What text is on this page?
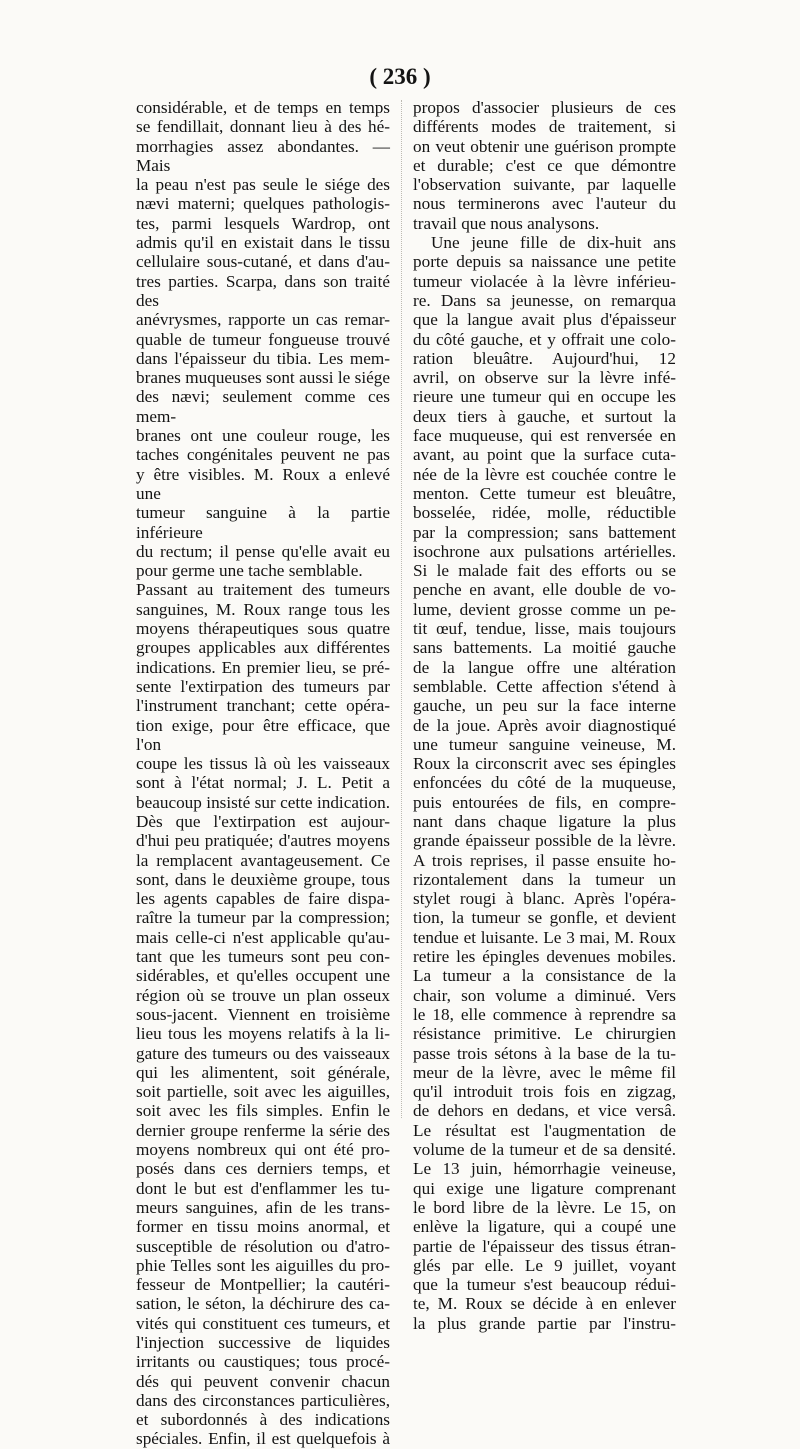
( 236 )

considérable, et de temps en temps

se fendillait, donnant lieu à des hé-

morrhagies assez abondantes. — Mais

la peau n'est pas seule le siége des

nævi materni; quelques pathologis-

tes, parmi lesquels Wardrop, ont

admis qu'il en existait dans le tissu

cellulaire sous-cutané, et dans d'au-

tres parties. Scarpa, dans son traité des

anévrysmes, rapporte un cas remar-

quable de tumeur fongueuse trouvé

dans l'épaisseur du tibia. Les mem-

branes muqueuses sont aussi le siége

des nævi; seulement comme ces mem-

branes ont une couleur rouge, les

taches congénitales peuvent ne pas

y être visibles. M. Roux a enlevé une

tumeur sanguine à la partie inférieure

du rectum; il pense qu'elle avait eu

pour germe une tache semblable.

Passant au traitement des tumeurs

sanguines, M. Roux range tous les

moyens thérapeutiques sous quatre

groupes applicables aux différentes

indications. En premier lieu, se pré-

sente l'extirpation des tumeurs par

l'instrument tranchant; cette opéra-

tion exige, pour être efficace, que l'on

coupe les tissus là où les vaisseaux

sont à l'état normal; J. L. Petit a

beaucoup insisté sur cette indication.

Dès que l'extirpation est aujour-

d'hui peu pratiquée; d'autres moyens

la remplacent avantageusement. Ce

sont, dans le deuxième groupe, tous

les agents capables de faire dispa-

raître la tumeur par la compression;

mais celle-ci n'est applicable qu'au-

tant que les tumeurs sont peu con-

sidérables, et qu'elles occupent une

région où se trouve un plan osseux

sous-jacent. Viennent en troisième

lieu tous les moyens relatifs à la li-

gature des tumeurs ou des vaisseaux

qui les alimentent, soit générale,

soit partielle, soit avec les aiguilles,

soit avec les fils simples. Enfin le

dernier groupe renferme la série des

moyens nombreux qui ont été pro-

posés dans ces derniers temps, et

dont le but est d'enflammer les tu-

meurs sanguines, afin de les trans-

former en tissu moins anormal, et

susceptible de résolution ou d'atro-

phie Telles sont les aiguilles du pro-

fesseur de Montpellier; la cautéri-

sation, le séton, la déchirure des ca-

vités qui constituent ces tumeurs, et

l'injection successive de liquides

irritants ou caustiques; tous procé-

dés qui peuvent convenir chacun

dans des circonstances particulières,

et subordonnés à des indications

spéciales. Enfin, il est quelquefois à

propos d'associer plusieurs de ces

différents modes de traitement, si

on veut obtenir une guérison prompte

et durable; c'est ce que démontre

l'observation suivante, par laquelle

nous terminerons avec l'auteur du

travail que nous analysons.

Une jeune fille de dix-huit ans

porte depuis sa naissance une petite

tumeur violacée à la lèvre inférieu-

re. Dans sa jeunesse, on remarqua

que la langue avait plus d'épaisseur

du côté gauche, et y offrait une colo-

ration bleuâtre. Aujourd'hui, 12

avril, on observe sur la lèvre infé-

rieure une tumeur qui en occupe les

deux tiers à gauche, et surtout la

face muqueuse, qui est renversée en

avant, au point que la surface cuta-

née de la lèvre est couchée contre le

menton. Cette tumeur est bleuâtre,

bosselée, ridée, molle, réductible

par la compression; sans battement

isochrone aux pulsations artérielles.

Si le malade fait des efforts ou se

penche en avant, elle double de vo-

lume, devient grosse comme un pe-

tit œuf, tendue, lisse, mais toujours

sans battements. La moitié gauche

de la langue offre une altération

semblable. Cette affection s'étend à

gauche, un peu sur la face interne

de la joue. Après avoir diagnostiqué

une tumeur sanguine veineuse, M.

Roux la circonscrit avec ses épingles

enfoncées du côté de la muqueuse,

puis entourées de fils, en compre-

nant dans chaque ligature la plus

grande épaisseur possible de la lèvre.

A trois reprises, il passe ensuite ho-

rizontalement dans la tumeur un

stylet rougi à blanc. Après l'opéra-

tion, la tumeur se gonfle, et devient

tendue et luisante. Le 3 mai, M. Roux

retire les épingles devenues mobiles.

La tumeur a la consistance de la

chair, son volume a diminué. Vers

le 18, elle commence à reprendre sa

résistance primitive. Le chirurgien

passe trois sétons à la base de la tu-

meur de la lèvre, avec le même fil

qu'il introduit trois fois en zigzag,

de dehors en dedans, et vice versâ.

Le résultat est l'augmentation de

volume de la tumeur et de sa densité.

Le 13 juin, hémorrhagie veineuse,

qui exige une ligature comprenant

le bord libre de la lèvre. Le 15, on

enlève la ligature, qui a coupé une

partie de l'épaisseur des tissus étran-

glés par elle. Le 9 juillet, voyant

que la tumeur s'est beaucoup rédui-

te, M. Roux se décide à en enlever

la plus grande partie par l'instru-
